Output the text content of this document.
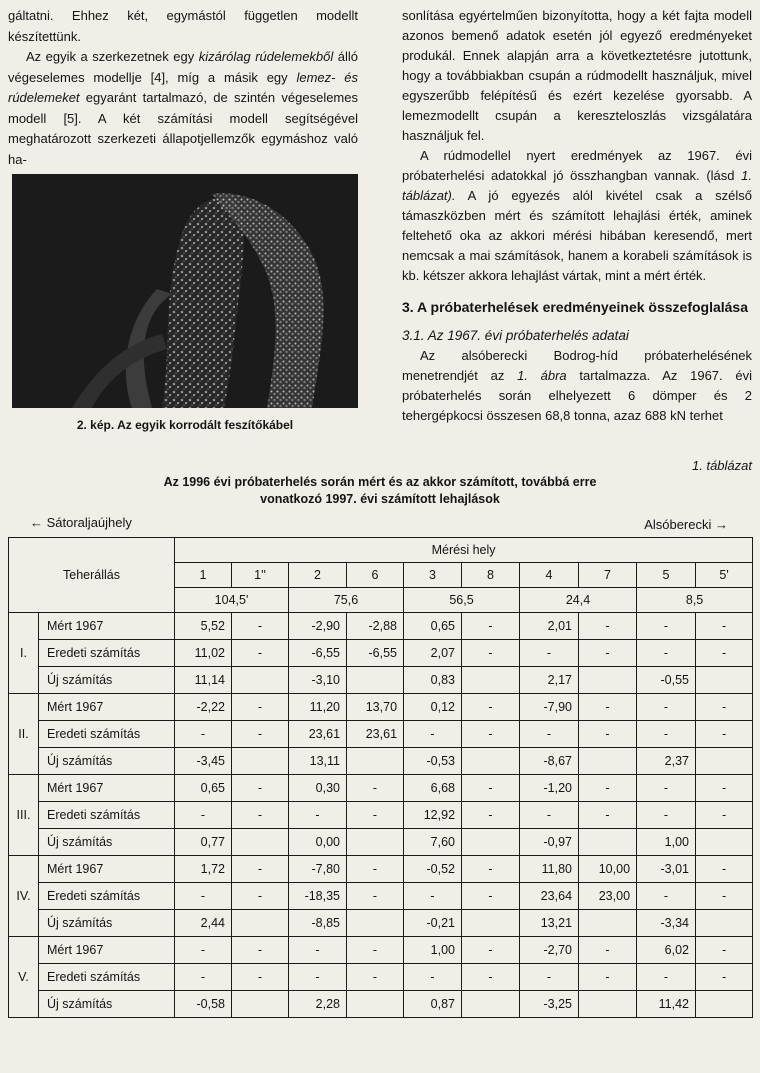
gáltatni. Ehhez két, egymástól független modellt készítettünk.

Az egyik a szerkezetnek egy kizárólag rúdelemekből álló végeselemes modellje [4], míg a másik egy lemez- és rúdelemeket egyaránt tartalmazó, de szintén végeselemes modell [5]. A két számítási modell segítségével meghatározott szerkezeti állapotjellemzők egymáshoz való ha-

2. kép. Az egyik korrodált feszítőkábel

sonlítása egyértelműen bizonyította, hogy a két fajta modell azonos bemenő adatok esetén jól egyező eredményeket produkál. Ennek alapján arra a következtetésre jutottunk, hogy a továbbiakban csupán a rúdmodellt használjuk, mivel egyszerűbb felépítésű és ezért kezelése gyorsabb. A lemezmodellt csupán a kereszteloszlás vizsgálatára használjuk fel.

A rúdmodellel nyert eredmények az 1967. évi próbaterhelési adatokkal jó összhangban vannak. (lásd 1. táblázat). A jó egyezés alól kivétel csak a szélső támaszközben mért és számított lehajlási érték, aminek feltehető oka az akkori mérési hibában keresendő, mert nemcsak a mai számítások, hanem a korabeli számítások is kb. kétszer akkora lehajlást vártak, mint a mért érték.

3. A próbaterhelések eredményeinek összefoglalása

3.1. Az 1967. évi próbaterhelés adatai

Az alsóberecki Bodrog-híd próbaterhelésének menetrendjét az 1. ábra tartalmazza. Az 1967. évi próbaterhelés során elhelyezett 6 dömper és 2 tehergépkocsi összesen 68,8 tonna, azaz 688 kN terhet

1. táblázat
Az 1996 évi próbaterhelés során mért és az akkor számított, továbbá erre
vonatkozó 1997. évi számított lehajlások
← Sátoraljaújhely	Alsóberecki →
Teherállás		Mérési hely									
		1	1''	2	6	3	8	4	7	5	5'
		104,5'		75,6		56,5		24,4		8,5	
I.	Mért 1967	5,52	-	-2,90	-2,88	0,65	-	2,01	-	-	-
	Eredeti számítás	11,02	-	-6,55	-6,55	2,07	-	-	-	-	-
	Új számítás	11,14		-3,10		0,83		2,17		-0,55	
II.	Mért 1967	-2,22	-	11,20	13,70	0,12	-	-7,90	-	-	-
	Eredeti számítás	-	-	23,61	23,61	-	-	-	-	-	-
	Új számítás	-3,45		13,11		-0,53		-8,67		2,37	
III.	Mért 1967	0,65	-	0,30	-	6,68	-	-1,20	-	-	-
	Eredeti számítás	-	-	-	-	12,92	-	-	-	-	-
	Új számítás	0,77		0,00		7,60		-0,97		1,00	
IV.	Mért 1967	1,72	-	-7,80	-	-0,52	-	11,80	10,00	-3,01	-
	Eredeti számítás	-	-	-18,35	-	-	-	23,64	23,00	-	-
	Új számítás	2,44		-8,85		-0,21		13,21		-3,34	
V.	Mért 1967	-	-	-	-	1,00	-	-2,70	-	6,02	-
	Eredeti számítás	-	-	-	-	-	-	-	-	-	-
	Új számítás	-0,58		2,28		0,87		-3,25		11,42	
